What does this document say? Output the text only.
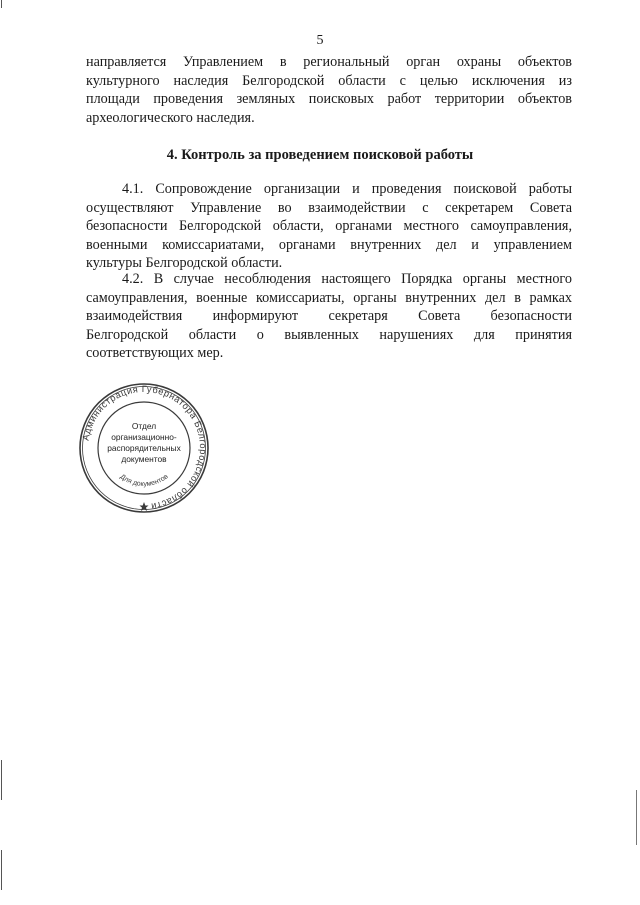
5
направляется Управлением в региональный орган охраны объектов
культурного наследия Белгородской области с целью исключения из
площади проведения земляных поисковых работ территории объектов
археологического наследия.
4. Контроль за проведением поисковой работы
4.1. Сопровождение организации и проведения поисковой работы
осуществляют Управление во взаимодействии с секретарем Совета
безопасности Белгородской области, органами местного самоуправления,
военными комиссариатами, органами внутренних дел и управлением
культуры Белгородской области.
4.2. В случае несоблюдения настоящего Порядка органы местного
самоуправления, военные комиссариаты, органы внутренних дел в рамках
взаимодействия информируют секретаря Совета безопасности
Белгородской области о выявленных нарушениях для принятия
соответствующих мер.
Администрация Губернатора Белгородской области
Для документов
Отдел
организационно-
распорядительных
документов
